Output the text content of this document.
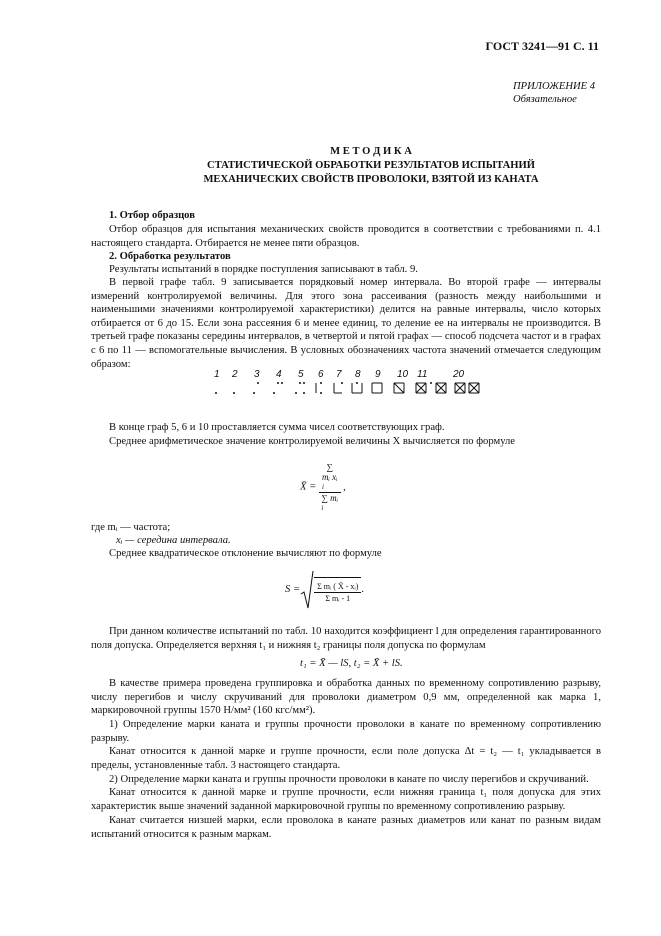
ГОСТ 3241—91 С. 11
ПРИЛОЖЕНИЕ 4
Обязательное
М Е Т О Д И К А
СТАТИСТИЧЕСКОЙ ОБРАБОТКИ РЕЗУЛЬТАТОВ ИСПЫТАНИЙ
МЕХАНИЧЕСКИХ СВОЙСТВ ПРОВОЛОКИ, ВЗЯТОЙ ИЗ КАНАТА
1. Отбор образцов
Отбор образцов для испытания механических свойств проводится в соответствии с требованиями п. 4.1 настоящего стандарта. Отбирается не менее пяти образцов.
2. Обработка результатов
Результаты испытаний в порядке поступления записывают в табл. 9.
В первой графе табл. 9 записывается порядковый номер интервала. Во второй графе — интервалы измерений контролируемой величины. Для этого зона рассеивания (разность между наибольшими и наименьшими значениями контролируемой характеристики) делится на равные интервалы, число которых отбирается от 6 до 15. Если зона рассеяния 6 и менее единиц, то деление ее на интервалы не производится. В третьей графе показаны середины интервалов, в четвертой и пятой графах — способ подсчета частот и в графах с 6 по 11 — вспомогательные вычисления. В условных обозначениях частота значений отмечается следующим образом:
1 2 3 4 5 6 7 8 9 10 11	20
В конце граф 5, 6 и 10 проставляется сумма чисел соответствующих граф.
Среднее арифметическое значение контролируемой величины X вычисляется по формуле
X̄ = ∑
mᵢ xᵢ
i
∑ mᵢ
i ,
где mᵢ — частота;
xᵢ — середина интервала.
Среднее квадратическое отклонение вычисляют по формуле
$S = \frac{\text{Σ mᵢ ( X̄ - xᵢ)}}{\text{Σ mᵢ - 1}}$ .
При данном количестве испытаний по табл. 10 находится коэффициент l для определения гарантированного поля допуска. Определяется верхняя t₁ и нижняя t₂ границы поля допуска по формулам
t₁ = X̄ — lS, t₂ = X̄ + lS.
В качестве примера проведена группировка и обработка данных по временному сопротивлению разрыву, числу перегибов и числу скручиваний для проволоки диаметром 0,9 мм, определенной как марка 1, маркировочной группы 1570 Н/мм² (160 кгс/мм²).
1) Определение марки каната и группы прочности проволоки в канате по временному сопротивлению разрыву.
Канат относится к данной марке и группе прочности, если поле допуска Δt = t₂ — t₁ укладывается в пределы, установленные табл. 3 настоящего стандарта.
2) Определение марки каната и группы прочности проволоки в канате по числу перегибов и скручиваний.
Канат относится к данной марке и группе прочности, если нижняя граница t₁ поля допуска для этих характеристик выше значений заданной маркировочной группы по временному сопротивлению разрыву.
Канат считается низшей марки, если проволока в канате разных диаметров или канат по разным видам испытаний относится к разным маркам.
